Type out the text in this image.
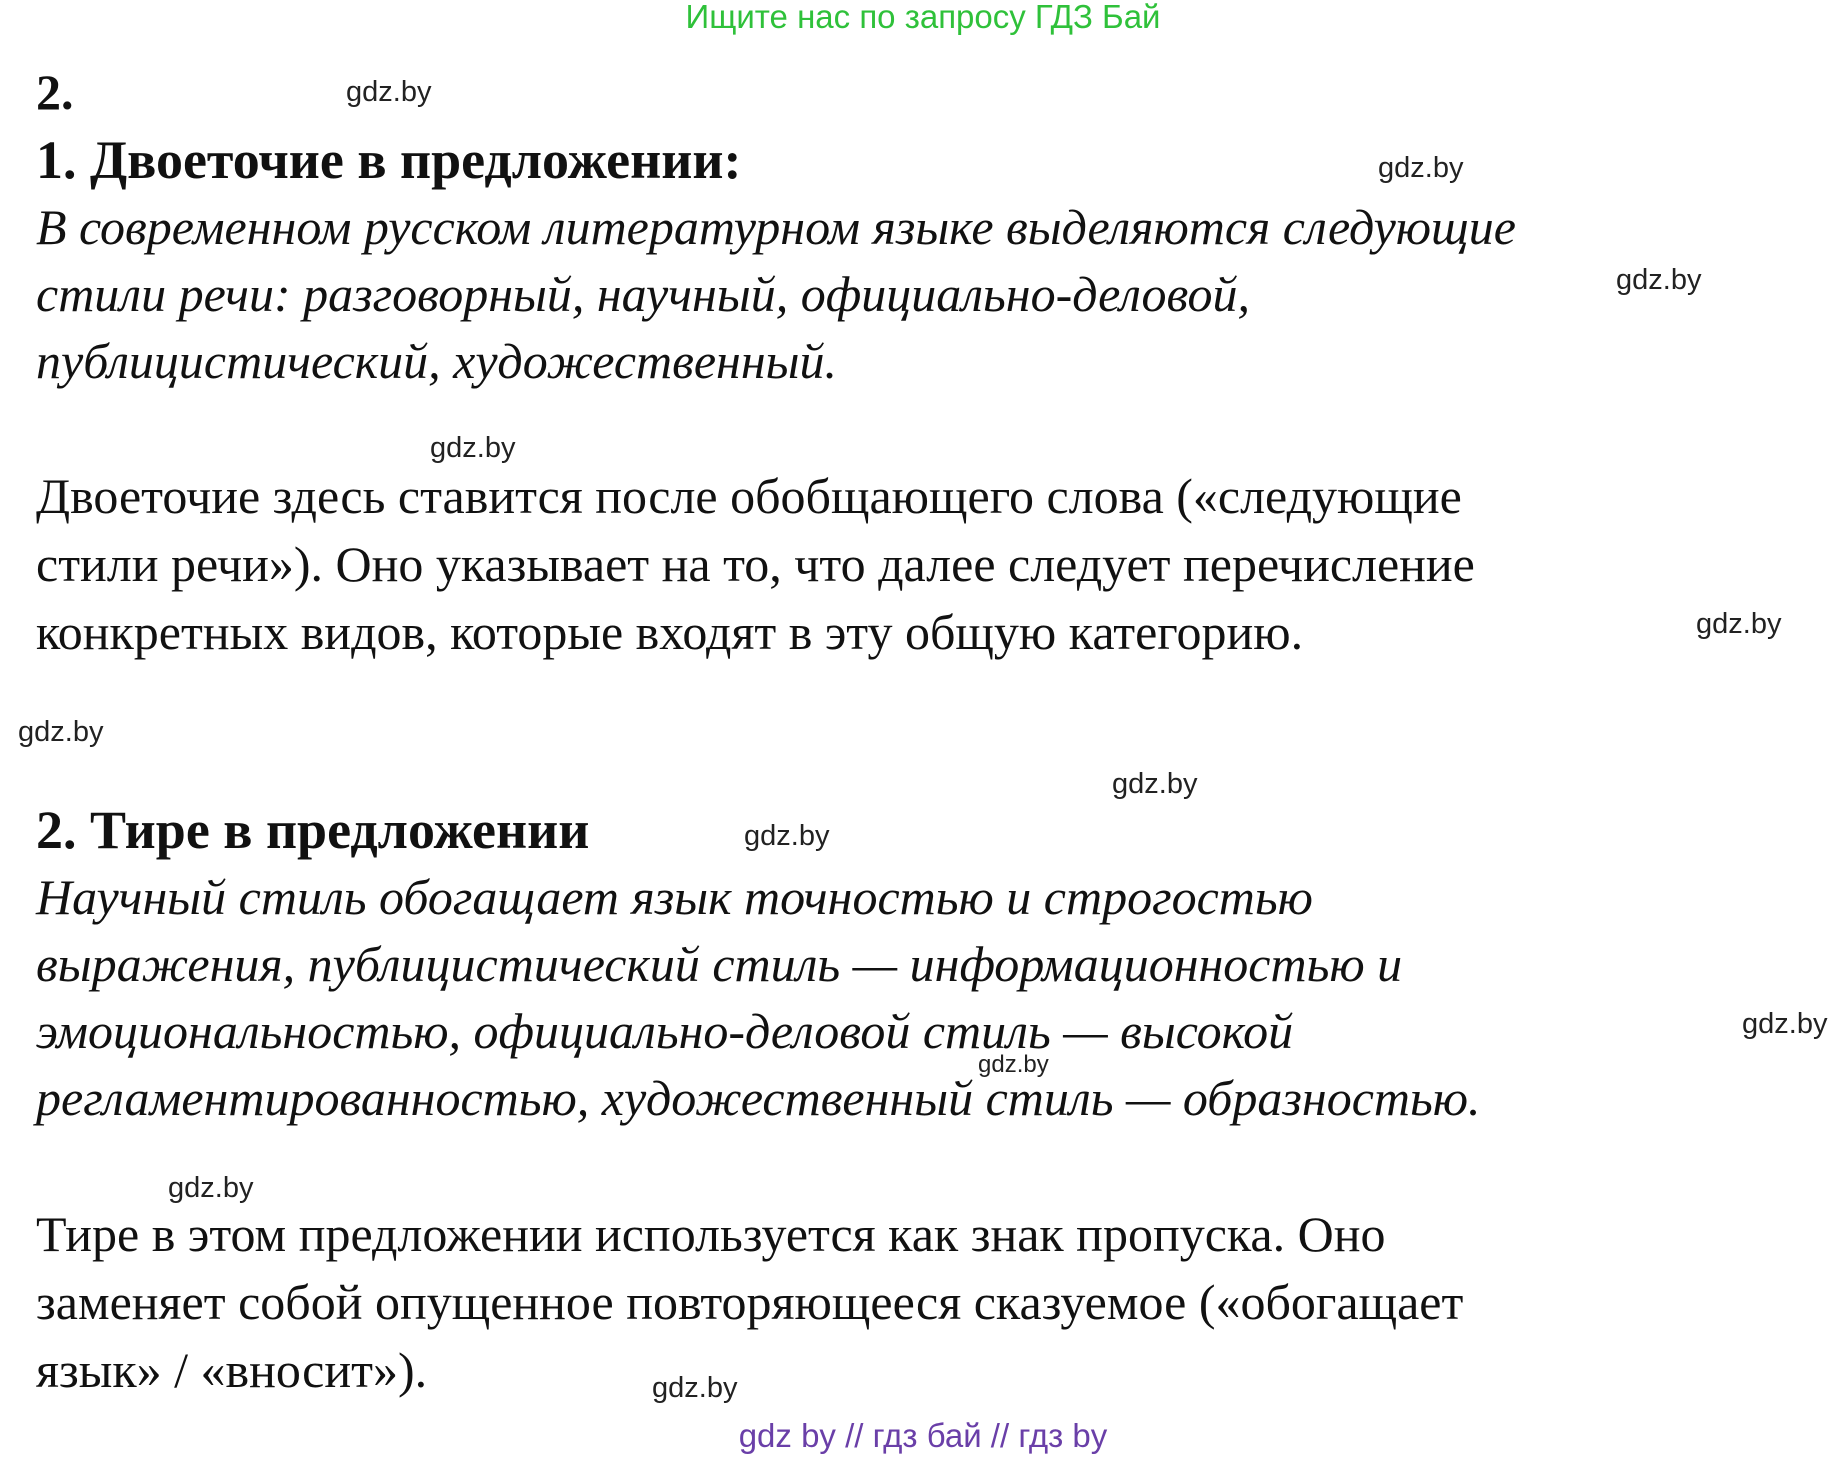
Ищите нас по запросу ГДЗ Бай
2.
1. Двоеточие в предложении:
В современном русском литературном языке выделяются следующие
стили речи: разговорный, научный, официально-деловой,
публицистический, художественный.
Двоеточие здесь ставится после обобщающего слова («следующие
стили речи»). Оно указывает на то, что далее следует перечисление
конкретных видов, которые входят в эту общую категорию.
2. Тире в предложении
Научный стиль обогащает язык точностью и строгостью
выражения, публицистический стиль — информационностью и
эмоциональностью, официально-деловой стиль — высокой
регламентированностью, художественный стиль — образностью.
Тире в этом предложении используется как знак пропуска. Оно
заменяет собой опущенное повторяющееся сказуемое («обогащает
язык» / «вносит»).
gdz.by
gdz.by
gdz.by
gdz.by
gdz.by
gdz.by
gdz.by
gdz.by
gdz.by
gdz.by
gdz.by
gdz.by
gdz by // гдз бай // гдз by
